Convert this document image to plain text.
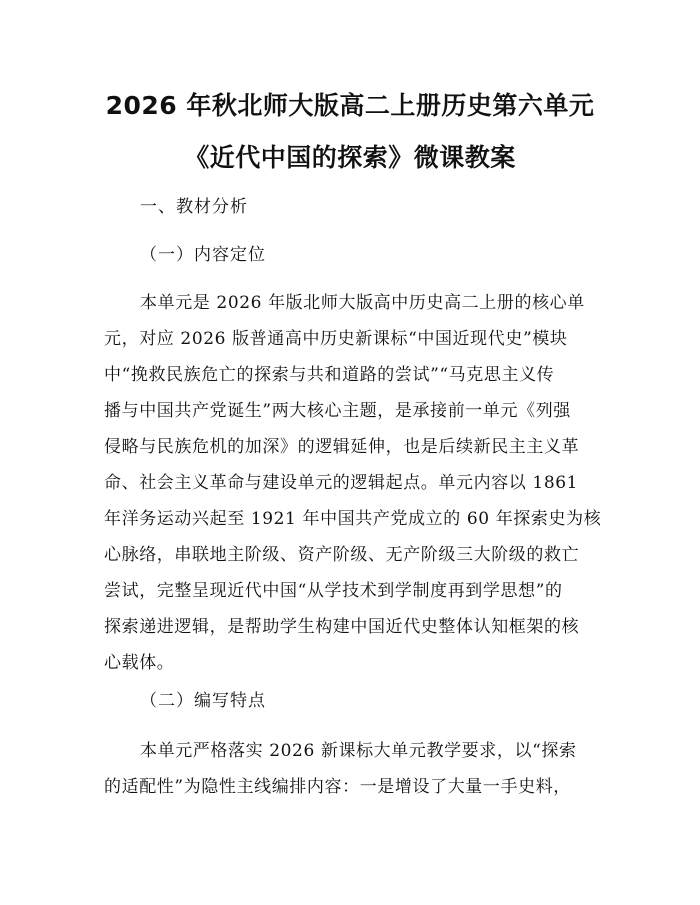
2026 年秋北师大版高二上册历史第六单元
《近代中国的探索》微课教案
一、教材分析
（一）内容定位
本单元是 2026 年版北师大版高中历史高二上册的核心单
元，对应 2026 版普通高中历史新课标“中国近现代史”模块
中“挽救民族危亡的探索与共和道路的尝试”“马克思主义传
播与中国共产党诞生”两大核心主题，是承接前一单元《列强
侵略与民族危机的加深》的逻辑延伸，也是后续新民主主义革
命、社会主义革命与建设单元的逻辑起点。单元内容以 1861
年洋务运动兴起至 1921 年中国共产党成立的 60 年探索史为核
心脉络，串联地主阶级、资产阶级、无产阶级三大阶级的救亡
尝试，完整呈现近代中国“从学技术到学制度再到学思想”的
探索递进逻辑，是帮助学生构建中国近代史整体认知框架的核
心载体。
（二）编写特点
本单元严格落实 2026 新课标大单元教学要求，以“探索
的适配性”为隐性主线编排内容：一是增设了大量一手史料，
